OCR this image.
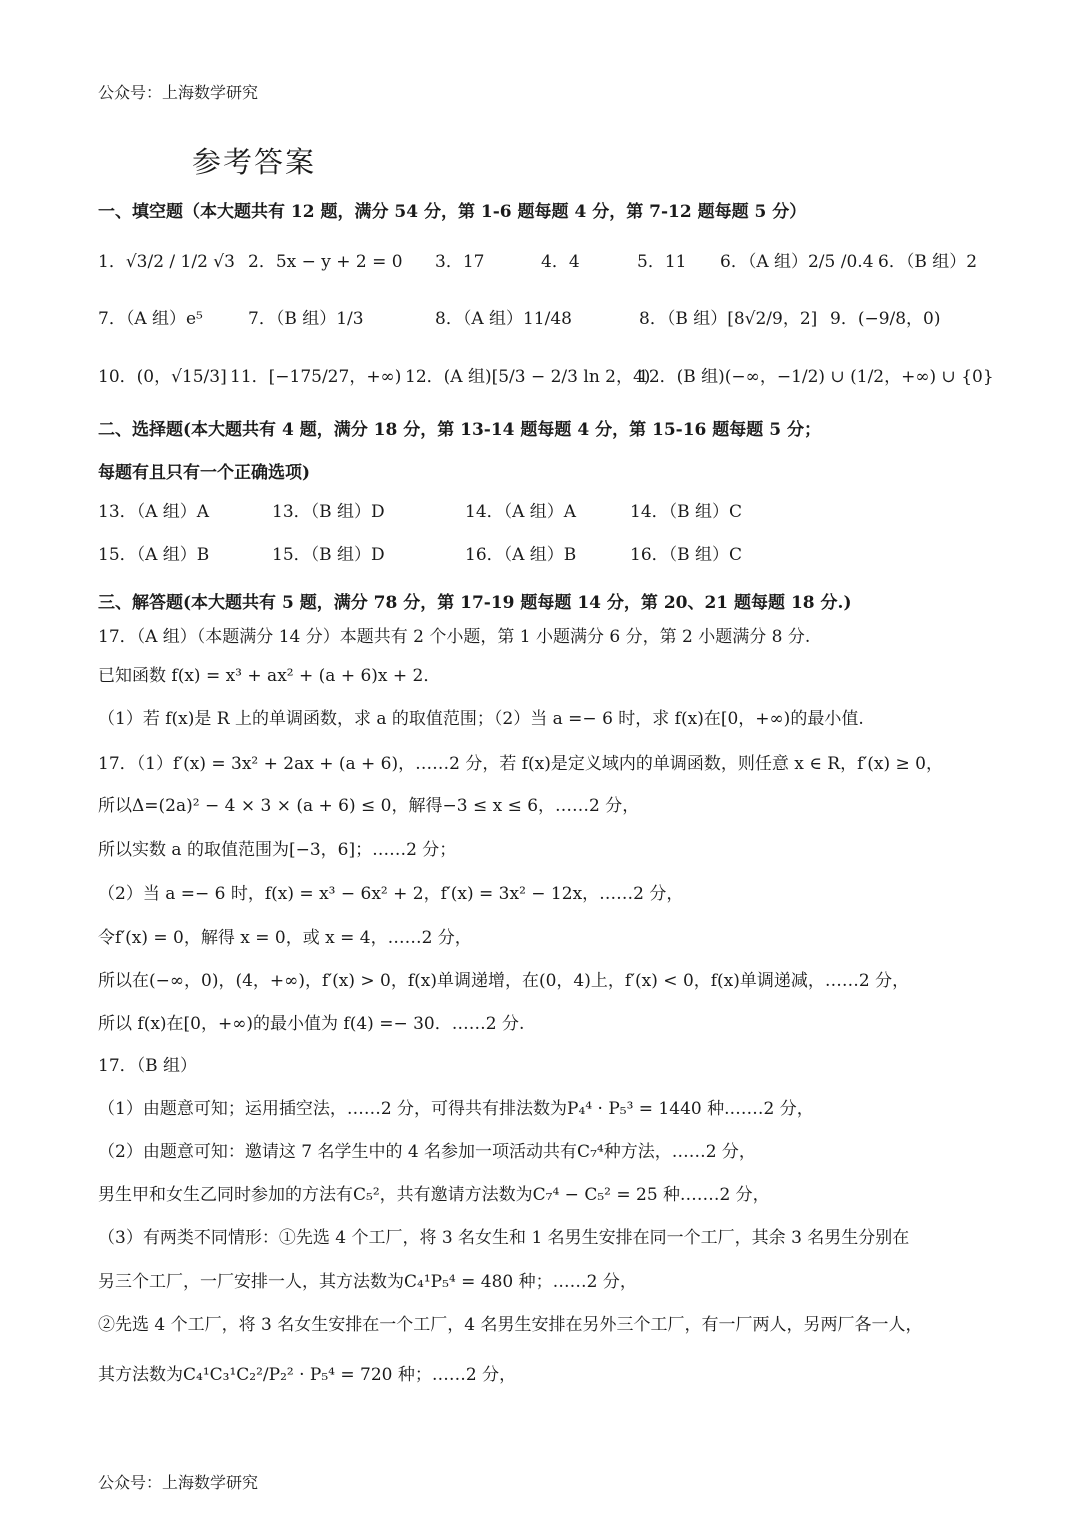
公众号：上海数学研究
参考答案
一、填空题（本大题共有 12 题，满分 54 分，第 1-6 题每题 4 分，第 7-12 题每题 5 分）
1．√3/2 / 1/2 √3 2．5x − y + 2 = 0 3．17	4．4	5．11 6．（A 组）2/5 /0.4 6．（B 组）2
7．（A 组）e⁵	7．（B 组）1/3	8．（A 组）11/48	8．（B 组）[8√2/9，2] 9．(−9/8，0)
10．(0，√15/3] 11．[−175/27，+∞) 12．(A 组)[5/3 − 2/3 ln 2，4)
12．(B 组)(−∞，−1/2) ∪ (1/2，+∞) ∪ {0}
二、选择题(本大题共有 4 题，满分 18 分，第 13-14 题每题 4 分，第 15-16 题每题 5 分；
每题有且只有一个正确选项)
13．（A 组）A	13．（B 组）D	14．（A 组）A	14．（B 组）C
15．（A 组）B	15．（B 组）D	16．（A 组）B	16．（B 组）C
三、解答题(本大题共有 5 题，满分 78 分，第 17-19 题每题 14 分，第 20、21 题每题 18 分.)
17．（A 组）（本题满分 14 分）本题共有 2 个小题，第 1 小题满分 6 分，第 2 小题满分 8 分.
已知函数 f(x) = x³ + ax² + (a + 6)x + 2．
（1）若 f(x)是 R 上的单调函数，求 a 的取值范围；（2）当 a =− 6 时，求 f(x)在[0，+∞)的最小值.
17．（1）f′(x) = 3x² + 2ax + (a + 6)，……2 分，若 f(x)是定义域内的单调函数，则任意 x ∈ R，f′(x) ≥ 0，
所以Δ=(2a)² − 4 × 3 × (a + 6) ≤ 0，解得−3 ≤ x ≤ 6，……2 分，
所以实数 a 的取值范围为[−3，6]；……2 分；
（2）当 a =− 6 时，f(x) = x³ − 6x² + 2，f′(x) = 3x² − 12x，……2 分，
令f′(x) = 0，解得 x = 0，或 x = 4，……2 分，
所以在(−∞，0)，(4，+∞)，f′(x) > 0，f(x)单调递增，在(0，4)上，f′(x) < 0，f(x)单调递减，……2 分，
所以 f(x)在[0，+∞)的最小值为 f(4) =− 30．……2 分.
17．（B 组）
（1）由题意可知；运用插空法，……2 分，可得共有排法数为P₄⁴ · P₅³ = 1440 种.……2 分，
（2）由题意可知：邀请这 7 名学生中的 4 名参加一项活动共有C₇⁴种方法，……2 分，
男生甲和女生乙同时参加的方法有C₅²，共有邀请方法数为C₇⁴ − C₅² = 25 种.……2 分，
（3）有两类不同情形：①先选 4 个工厂，将 3 名女生和 1 名男生安排在同一个工厂，其余 3 名男生分别在
另三个工厂，一厂安排一人，其方法数为C₄¹P₅⁴ = 480 种；……2 分，
②先选 4 个工厂，将 3 名女生安排在一个工厂，4 名男生安排在另外三个工厂，有一厂两人，另两厂各一人，
其方法数为C₄¹C₃¹C₂²/P₂² · P₅⁴ = 720 种；……2 分，
公众号：上海数学研究
